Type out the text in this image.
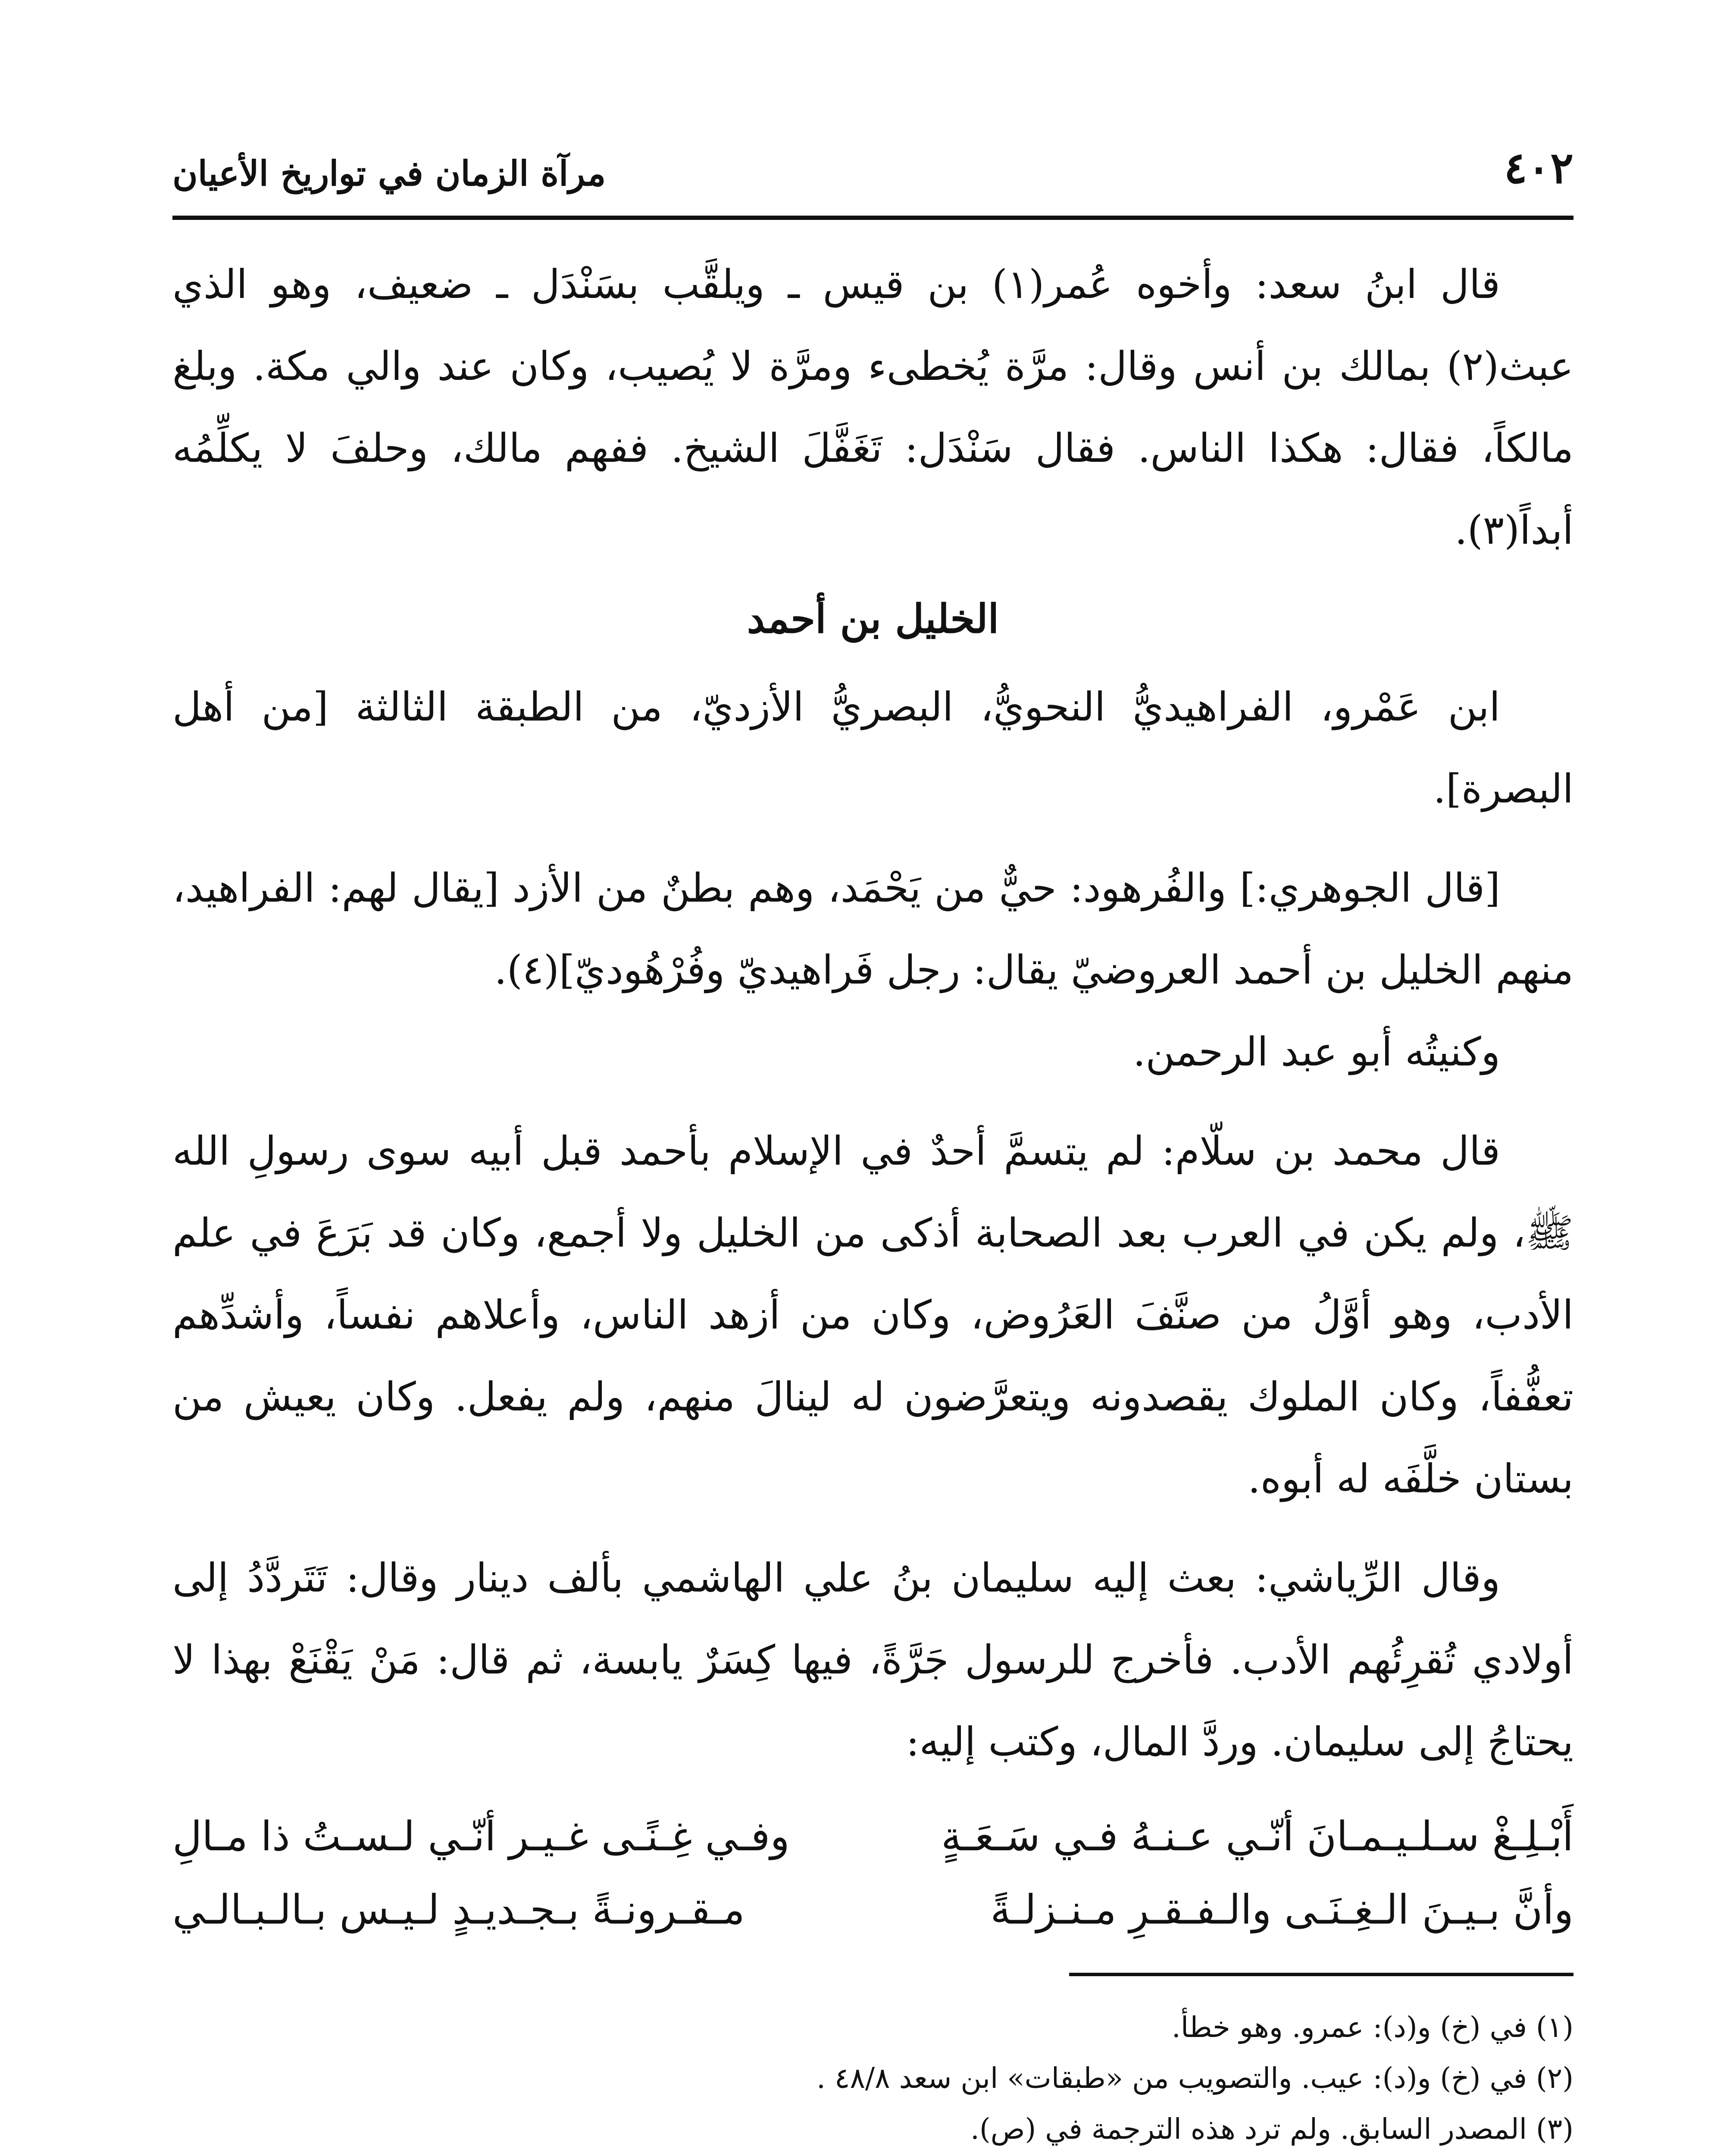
٤٠٢
مرآة الزمان في تواريخ الأعيان

قال ابنُ سعد: وأخوه عُمر(١) بن قيس ـ ويلقَّب بسَنْدَل ـ ضعيف، وهو الذي عبث(٢) بمالك بن أنس وقال: مرَّة يُخطىء ومرَّة لا يُصيب، وكان عند والي مكة. وبلغ مالكاً، فقال: هكذا الناس. فقال سَنْدَل: تَغَفَّلَ الشيخ. ففهم مالك، وحلفَ لا يكلِّمُه أبداً(٣).

الخليل بن أحمد

ابن عَمْرو، الفراهيديُّ النحويُّ، البصريُّ الأزديّ، من الطبقة الثالثة [من أهل البصرة].

[قال الجوهري:] والفُرهود: حيٌّ من يَحْمَد، وهم بطنٌ من الأزد [يقال لهم: الفراهيد، منهم الخليل بن أحمد العروضيّ يقال: رجل فَراهيديّ وفُرْهُوديّ](٤).

وكنيتُه أبو عبد الرحمن.

قال محمد بن سلّام: لم يتسمَّ أحدٌ في الإسلام بأحمد قبل أبيه سوى رسولِ الله ﷺ، ولم يكن في العرب بعد الصحابة أذكى من الخليل ولا أجمع، وكان قد بَرَعَ في علم الأدب، وهو أوَّلُ من صنَّفَ العَرُوض، وكان من أزهد الناس، وأعلاهم نفساً، وأشدِّهم تعفُّفاً، وكان الملوك يقصدونه ويتعرَّضون له لينالَ منهم، ولم يفعل. وكان يعيش من بستان خلَّفَه له أبوه.

وقال الرِّياشي: بعث إليه سليمان بنُ علي الهاشمي بألف دينار وقال: تَتَردَّدُ إلى أولادي تُقرِئُهم الأدب. فأخرج للرسول جَرَّةً، فيها كِسَرٌ يابسة، ثم قال: مَنْ يَقْنَعْ بهذا لا يحتاجُ إلى سليمان. وردَّ المال، وكتب إليه:

أَبْـلِـغْ سـلـيـمـانَ أنّـي عـنـهُ فـي سَـعَـةٍ
وفـي غِـنًـى غـيـر أنّـي لـسـتُ ذا مـالِ
وأنَّ بـيـنَ الـغِـنَـى والـفـقـرِ مـنـزلـةً
مـقـرونـةً بـجـديـدٍ لـيـس بـالـبـالـي
(١) في (خ) و(د): عمرو. وهو خطأ.
(٢) في (خ) و(د): عيب. والتصويب من «طبقات» ابن سعد ٤٨/٨ .
(٣) المصدر السابق. ولم ترد هذه الترجمة في (ص).
